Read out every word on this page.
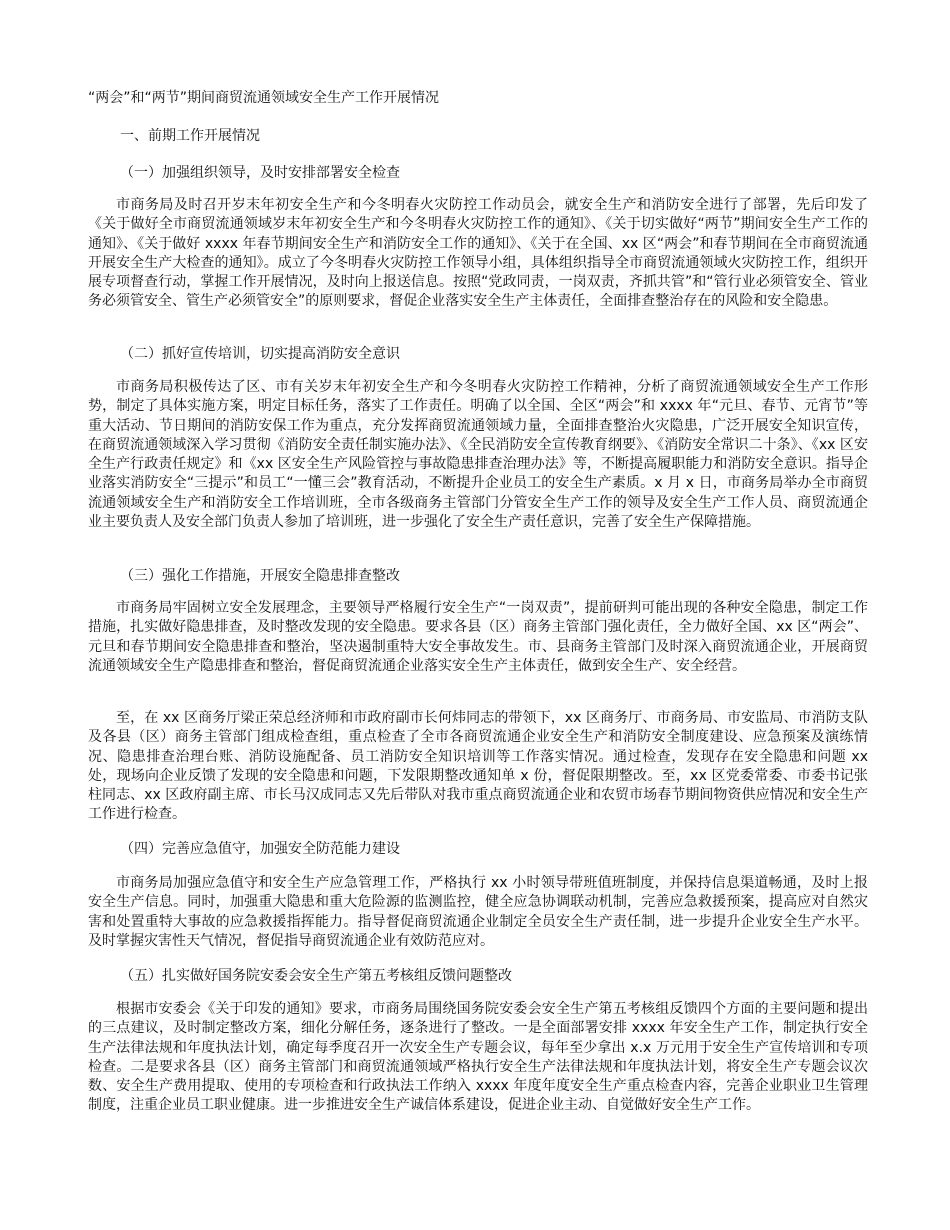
“两会”和“两节”期间商贸流通领域安全生产工作开展情况
一、前期工作开展情况
（一）加强组织领导，及时安排部署安全检查
市商务局及时召开岁末年初安全生产和今冬明春火灾防控工作动员会，就安全生产和消防安全进行了部署，先后印发了《关于做好全市商贸流通领域岁末年初安全生产和今冬明春火灾防控工作的通知》、《关于切实做好“两节”期间安全生产工作的通知》、《关于做好 xxxx 年春节期间安全生产和消防安全工作的通知》、《关于在全国、xx 区“两会”和春节期间在全市商贸流通开展安全生产大检查的通知》。成立了今冬明春火灾防控工作领导小组，具体组织指导全市商贸流通领域火灾防控工作，组织开展专项督查行动，掌握工作开展情况，及时向上报送信息。按照“党政同责，一岗双责，齐抓共管”和“管行业必须管安全、管业务必须管安全、管生产必须管安全”的原则要求，督促企业落实安全生产主体责任，全面排查整治存在的风险和安全隐患。
（二）抓好宣传培训，切实提高消防安全意识
市商务局积极传达了区、市有关岁末年初安全生产和今冬明春火灾防控工作精神，分析了商贸流通领域安全生产工作形势，制定了具体实施方案，明定目标任务，落实了工作责任。明确了以全国、全区“两会”和 xxxx 年“元旦、春节、元宵节”等重大活动、节日期间的消防安保工作为重点，充分发挥商贸流通领域力量，全面排查整治火灾隐患，广泛开展安全知识宣传，在商贸流通领域深入学习贯彻《消防安全责任制实施办法》、《全民消防安全宣传教育纲要》、《消防安全常识二十条》、《xx 区安全生产行政责任规定》和《xx 区安全生产风险管控与事故隐患排查治理办法》等，不断提高履职能力和消防安全意识。指导企业落实消防安全“三提示”和员工“一懂三会”教育活动，不断提升企业员工的安全生产素质。x 月 x 日，市商务局举办全市商贸流通领域安全生产和消防安全工作培训班，全市各级商务主管部门分管安全生产工作的领导及安全生产工作人员、商贸流通企业主要负责人及安全部门负责人参加了培训班，进一步强化了安全生产责任意识，完善了安全生产保障措施。
（三）强化工作措施，开展安全隐患排查整改
市商务局牢固树立安全发展理念，主要领导严格履行安全生产“一岗双责”，提前研判可能出现的各种安全隐患，制定工作措施，扎实做好隐患排查，及时整改发现的安全隐患。要求各县（区）商务主管部门强化责任，全力做好全国、xx 区“两会”、元旦和春节期间安全隐患排查和整治，坚决遏制重特大安全事故发生。市、县商务主管部门及时深入商贸流通企业，开展商贸流通领域安全生产隐患排查和整治，督促商贸流通企业落实安全生产主体责任，做到安全生产、安全经营。
至，在 xx 区商务厅梁正荣总经济师和市政府副市长何炜同志的带领下，xx 区商务厅、市商务局、市安监局、市消防支队及各县（区）商务主管部门组成检查组，重点检查了全市各商贸流通企业安全生产和消防安全制度建设、应急预案及演练情况、隐患排查治理台账、消防设施配备、员工消防安全知识培训等工作落实情况。通过检查，发现存在安全隐患和问题 xx 处，现场向企业反馈了发现的安全隐患和问题，下发限期整改通知单 x 份，督促限期整改。至，xx 区党委常委、市委书记张柱同志、xx 区政府副主席、市长马汉成同志又先后带队对我市重点商贸流通企业和农贸市场春节期间物资供应情况和安全生产工作进行检查。
（四）完善应急值守，加强安全防范能力建设
市商务局加强应急值守和安全生产应急管理工作，严格执行 xx 小时领导带班值班制度，并保持信息渠道畅通，及时上报安全生产信息。同时，加强重大隐患和重大危险源的监测监控，健全应急协调联动机制，完善应急救援预案，提高应对自然灾害和处置重特大事故的应急救援指挥能力。指导督促商贸流通企业制定全员安全生产责任制，进一步提升企业安全生产水平。及时掌握灾害性天气情况，督促指导商贸流通企业有效防范应对。
（五）扎实做好国务院安委会安全生产第五考核组反馈问题整改
根据市安委会《关于印发的通知》要求，市商务局围绕国务院安委会安全生产第五考核组反馈四个方面的主要问题和提出的三点建议，及时制定整改方案，细化分解任务，逐条进行了整改。一是全面部署安排 xxxx 年安全生产工作，制定执行安全生产法律法规和年度执法计划，确定每季度召开一次安全生产专题会议，每年至少拿出 x.x 万元用于安全生产宣传培训和专项检查。二是要求各县（区）商务主管部门和商贸流通领域严格执行安全生产法律法规和年度执法计划，将安全生产专题会议次数、安全生产费用提取、使用的专项检查和行政执法工作纳入 xxxx 年度年度安全生产重点检查内容，完善企业职业卫生管理制度，注重企业员工职业健康。进一步推进安全生产诚信体系建设，促进企业主动、自觉做好安全生产工作。
